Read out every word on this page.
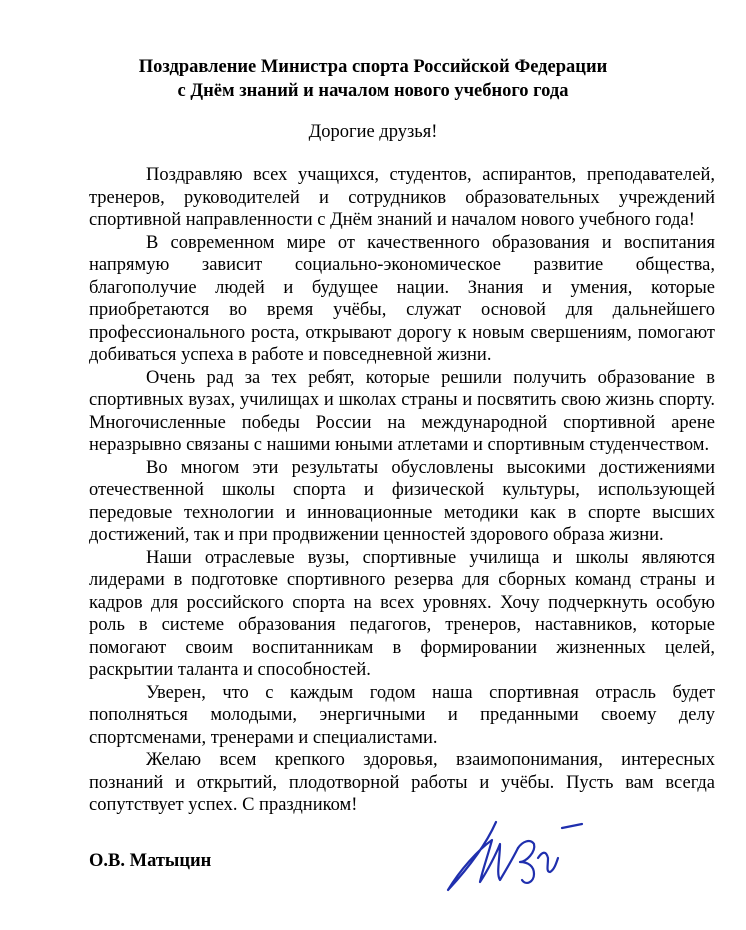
Поздравление Министра спорта Российской Федерации
с Днём знаний и началом нового учебного года
Дорогие друзья!

Поздравляю всех учащихся, студентов, аспирантов, преподавателей, тренеров, руководителей и сотрудников образовательных учреждений спортивной направленности с Днём знаний и началом нового учебного года!

В современном мире от качественного образования и воспитания напрямую зависит социально-экономическое развитие общества, благополучие людей и будущее нации. Знания и умения, которые приобретаются во время учёбы, служат основой для дальнейшего профессионального роста, открывают дорогу к новым свершениям, помогают добиваться успеха в работе и повседневной жизни.

Очень рад за тех ребят, которые решили получить образование в спортивных вузах, училищах и школах страны и посвятить свою жизнь спорту. Многочисленные победы России на международной спортивной арене неразрывно связаны с нашими юными атлетами и спортивным студенчеством.

Во многом эти результаты обусловлены высокими достижениями отечественной школы спорта и физической культуры, использующей передовые технологии и инновационные методики как в спорте высших достижений, так и при продвижении ценностей здорового образа жизни.

Наши отраслевые вузы, спортивные училища и школы являются лидерами в подготовке спортивного резерва для сборных команд страны и кадров для российского спорта на всех уровнях. Хочу подчеркнуть особую роль в системе образования педагогов, тренеров, наставников, которые помогают своим воспитанникам в формировании жизненных целей, раскрытии таланта и способностей.

Уверен, что с каждым годом наша спортивная отрасль будет пополняться молодыми, энергичными и преданными своему делу спортсменами, тренерами и специалистами.

Желаю всем крепкого здоровья, взаимопонимания, интересных познаний и открытий, плодотворной работы и учёбы. Пусть вам всегда сопутствует успех. С праздником!

О.В. Матыцин
